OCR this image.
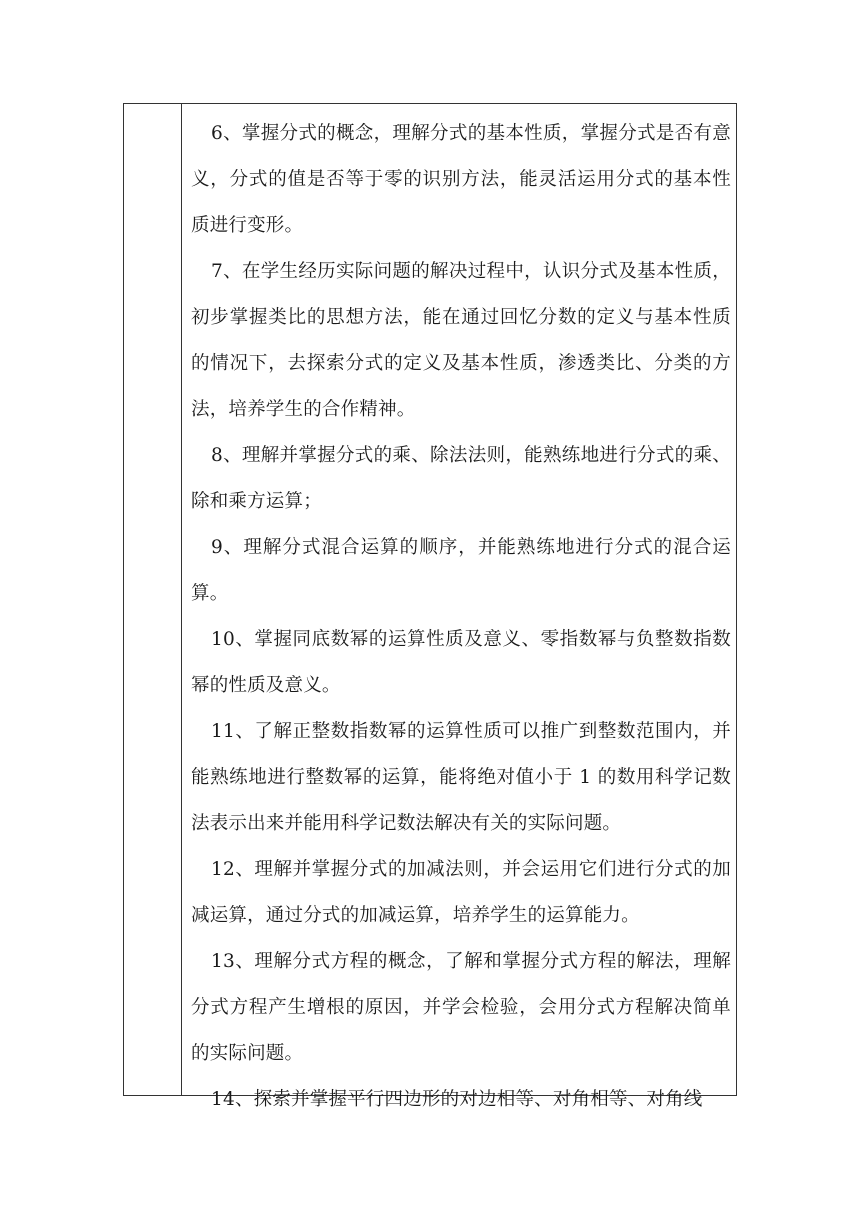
6、掌握分式的概念，理解分式的基本性质，掌握分式是否有意义，分式的值是否等于零的识别方法，能灵活运用分式的基本性质进行变形。

7、在学生经历实际问题的解决过程中，认识分式及基本性质，初步掌握类比的思想方法，能在通过回忆分数的定义与基本性质的情况下，去探索分式的定义及基本性质，渗透类比、分类的方法，培养学生的合作精神。

8、理解并掌握分式的乘、除法法则，能熟练地进行分式的乘、除和乘方运算；

9、理解分式混合运算的顺序，并能熟练地进行分式的混合运算。

10、掌握同底数幂的运算性质及意义、零指数幂与负整数指数幂的性质及意义。

11、了解正整数指数幂的运算性质可以推广到整数范围内，并能熟练地进行整数幂的运算，能将绝对值小于 1 的数用科学记数法表示出来并能用科学记数法解决有关的实际问题。

12、理解并掌握分式的加减法则，并会运用它们进行分式的加减运算，通过分式的加减运算，培养学生的运算能力。

13、理解分式方程的概念，了解和掌握分式方程的解法，理解分式方程产生增根的原因，并学会检验，会用分式方程解决简单的实际问题。

14、探索并掌握平行四边形的对边相等、对角相等、对角线
